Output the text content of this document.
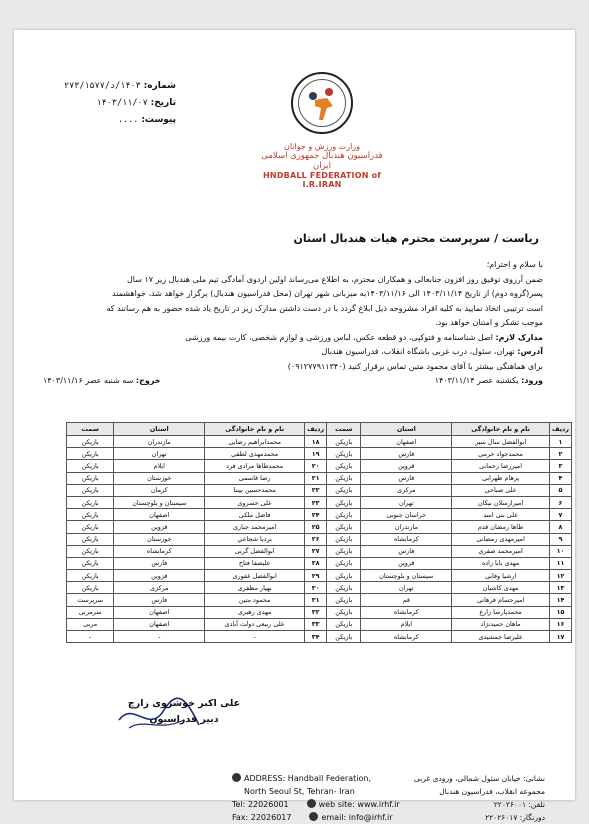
شماره: ۱۴۰۳/د/۲۷۳/۱۵۷۷
تاریخ: ۱۴۰۳/۱۱/۰۷
پیوست: ....
وزارت ورزش و جوانان
فدراسیون هندبال جمهوری اسلامی ایران
HNDBALL FEDERATION of I.R.IRAN
ریاست / سرپرست محترم هیات هندبال استان

با سلام و احترام؛

ضمن آرزوی توفیق روز افزون جنابعالی و همکاران محترم، به اطلاع می‌رساند اولین اردوی آمادگی تیم ملی هندبال زیر ۱۷ سال

پسر(گروه دوم) از تاریخ ۱۴۰۳/۱۱/۱۴ الی ۱۴۰۳/۱۱/۱۶به میزبانی شهر تهران (محل فدراسیون هندبال) برگزار خواهد شد، خواهشمند

است ترتیبی اتخاذ نمایید به کلیه افراد مشروحه ذیل ابلاغ گردد با در دست داشتن مدارک زیر در تاریخ یاد شده حضور به هم رسانند که

موجب تشکر و امتنان خواهد بود.

مدارک لازم: اصل شناسنامه و فتوکپی، دو قطعه عکس، لباس ورزشی و لوازم شخصی، کارت بیمه ورزشی

آدرس: تهران، سئول، درب غربی باشگاه انقلاب، فدراسیون هندبال

برای هماهنگی بیشتر با آقای محمود متین تماس برقرار کنید (۰۹۱۲۷۷۹۱۱۳۴۰)

ورود: یکشنبه عصر ۱۴۰۳/۱۱/۱۴

خروج: سه شنبه عصر ۱۴۰۳/۱۱/۱۶

ردیف	نام و نام خانوادگی	استان	سمت	ردیف	نام و نام خانوادگی	استان	سمت
۱	ابوالفضل سال سیر	اصفهان	بازیکن	۱۸	محمدابراهیم رضایی	مازندران	بازیکن
۲	محمدجواد خرمی	فارس	بازیکن	۱۹	محمدمهدی لطفی	تهران	بازیکن
۳	امیررضا رحمانی	قزوین	بازیکن	۲۰	محمدطاها مرادی فرد	ایلام	بازیکن
۴	پرهام ظهرابی	فارس	بازیکن	۲۱	رضا قاسمی	خوزستان	بازیکن
۵	علی صباحی	مرکزی	بازیکن	۲۲	محمدحسین بیننا	کرمان	بازیکن
۶	امیرارسلان نیکان	تهران	بازیکن	۲۳	علی خسروی	سیستان و بلوچستان	بازیکن
۷	علی بنی اسد	خراسان جنوبی	بازیکن	۲۴	فاضل ملکی	اصفهان	بازیکن
۸	طاها رمضان قدم	مازندران	بازیکن	۲۵	امیرمحمد جباری	قزوین	بازیکن
۹	امیرمهدی رمضانی	کرمانشاه	بازیکن	۲۶	برديا شجاعي	خوزستان	بازیکن
۱۰	امیرمحمد صفری	فارس	بازیکن	۲۷	ابوالفضل گربی	کرمانشاه	بازیکن
۱۱	مهدی بابا زاده	قزوین	بازیکن	۲۸	علیصفا فتاح	فارس	بازیکن
۱۲	ارشیا وفایی	سیستان و بلوچستان	بازیکن	۲۹	ابوالفضل غفوری	قزوین	بازیکن
۱۳	مهدی کاشیان	تهران	بازیکن	۳۰	بهیار مظفری	مرکزی	بازیکن
۱۴	امیرحسام فرهانی	قم	بازیکن	۳۱	محمود متین	فارس	سرپرست
۱۵	محمدپارسا زارع	کرمانشاه	بازیکن	۳۲	مهدی رهبری	اصفهان	سرمربی
۱۶	ماهان حمیدنژاد	ایلام	بازیکن	۳۳	علی ربیعی دولت آبادی	اصفهان	مربی
۱۷	علیرضا جمشیدی	کرمانشاه	بازیکن	۳۴	-	-	-
علی اکبر خوشروی زارچ
دبیر فدراسیون
ADDRESS: Handball Federation,
North Seoul St, Tehran- Iran
Tel: 22026001	web site: www.irhf.ir
Fax: 22026017	email: info@irhf.ir
نشانی: خیابان سئول شمالی، ورودی غربی
مجموعه انقلاب، فدراسیون هندبال
تلفن: ۲۲۰۲۶۰۰۱
دورنگار: ۲۲۰۲۶۰۱۷
